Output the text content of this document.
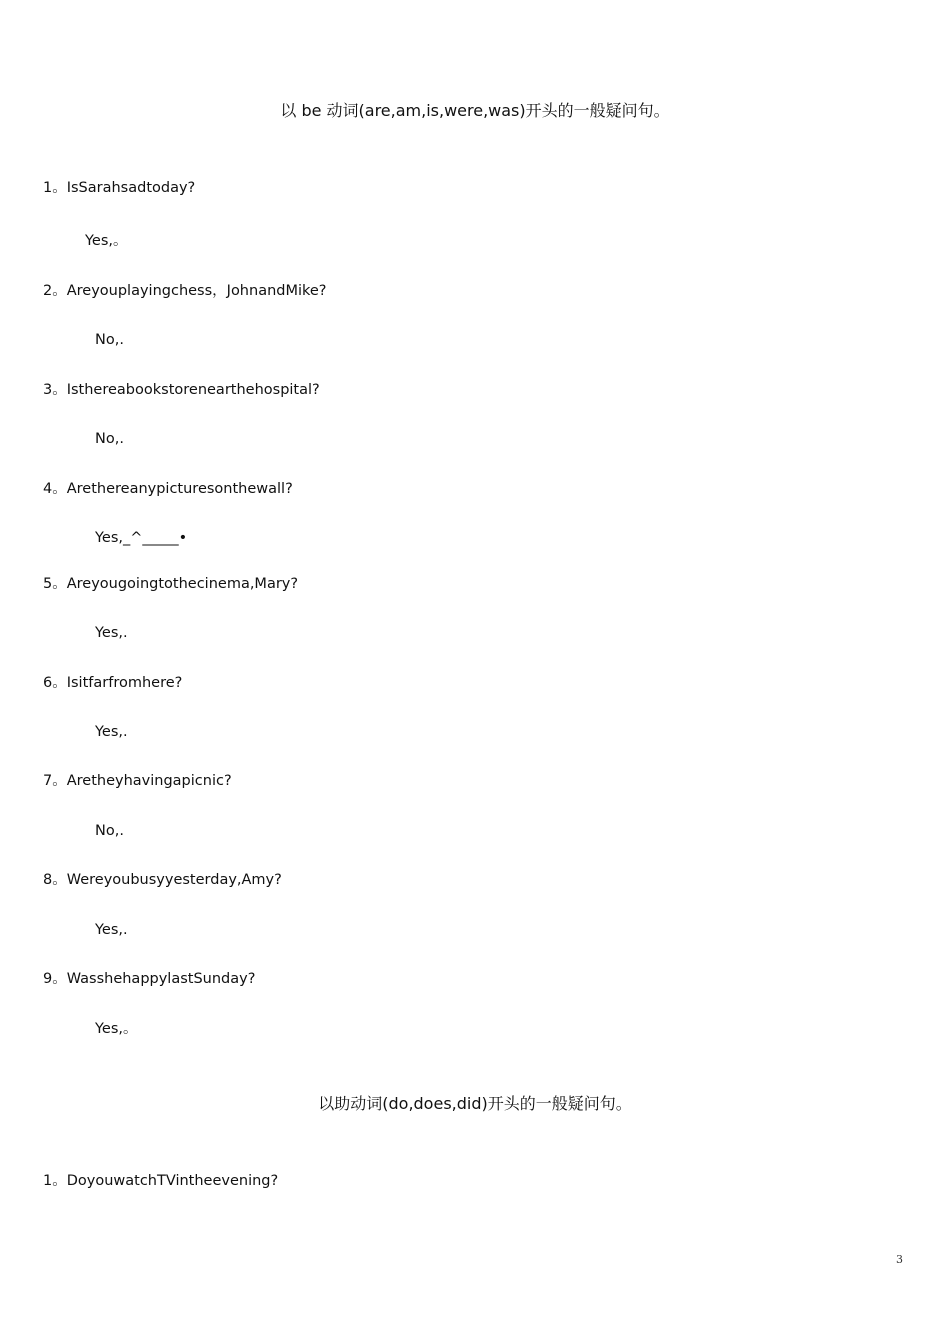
以 be 动词(are,am,is,were,was)开头的一般疑问句。
1。IsSarahsadtoday?
Yes,。
2。Areyouplayingchess，JohnandMike?
No,.
3。Isthereabookstorenearthehospital?
No,.
4。Arethereanypicturesonthewall?
Yes,_^_____•
5。Areyougoingtothecinema,Mary?
Yes,.
6。Isitfarfromhere?
Yes,.
7。Aretheyhavingapicnic?
No,.
8。Wereyoubusyyesterday,Amy?
Yes,.
9。WasshehappylastSunday?
Yes,。
以助动词(do,does,did)开头的一般疑问句。
1。DoyouwatchTVintheevening?
3
